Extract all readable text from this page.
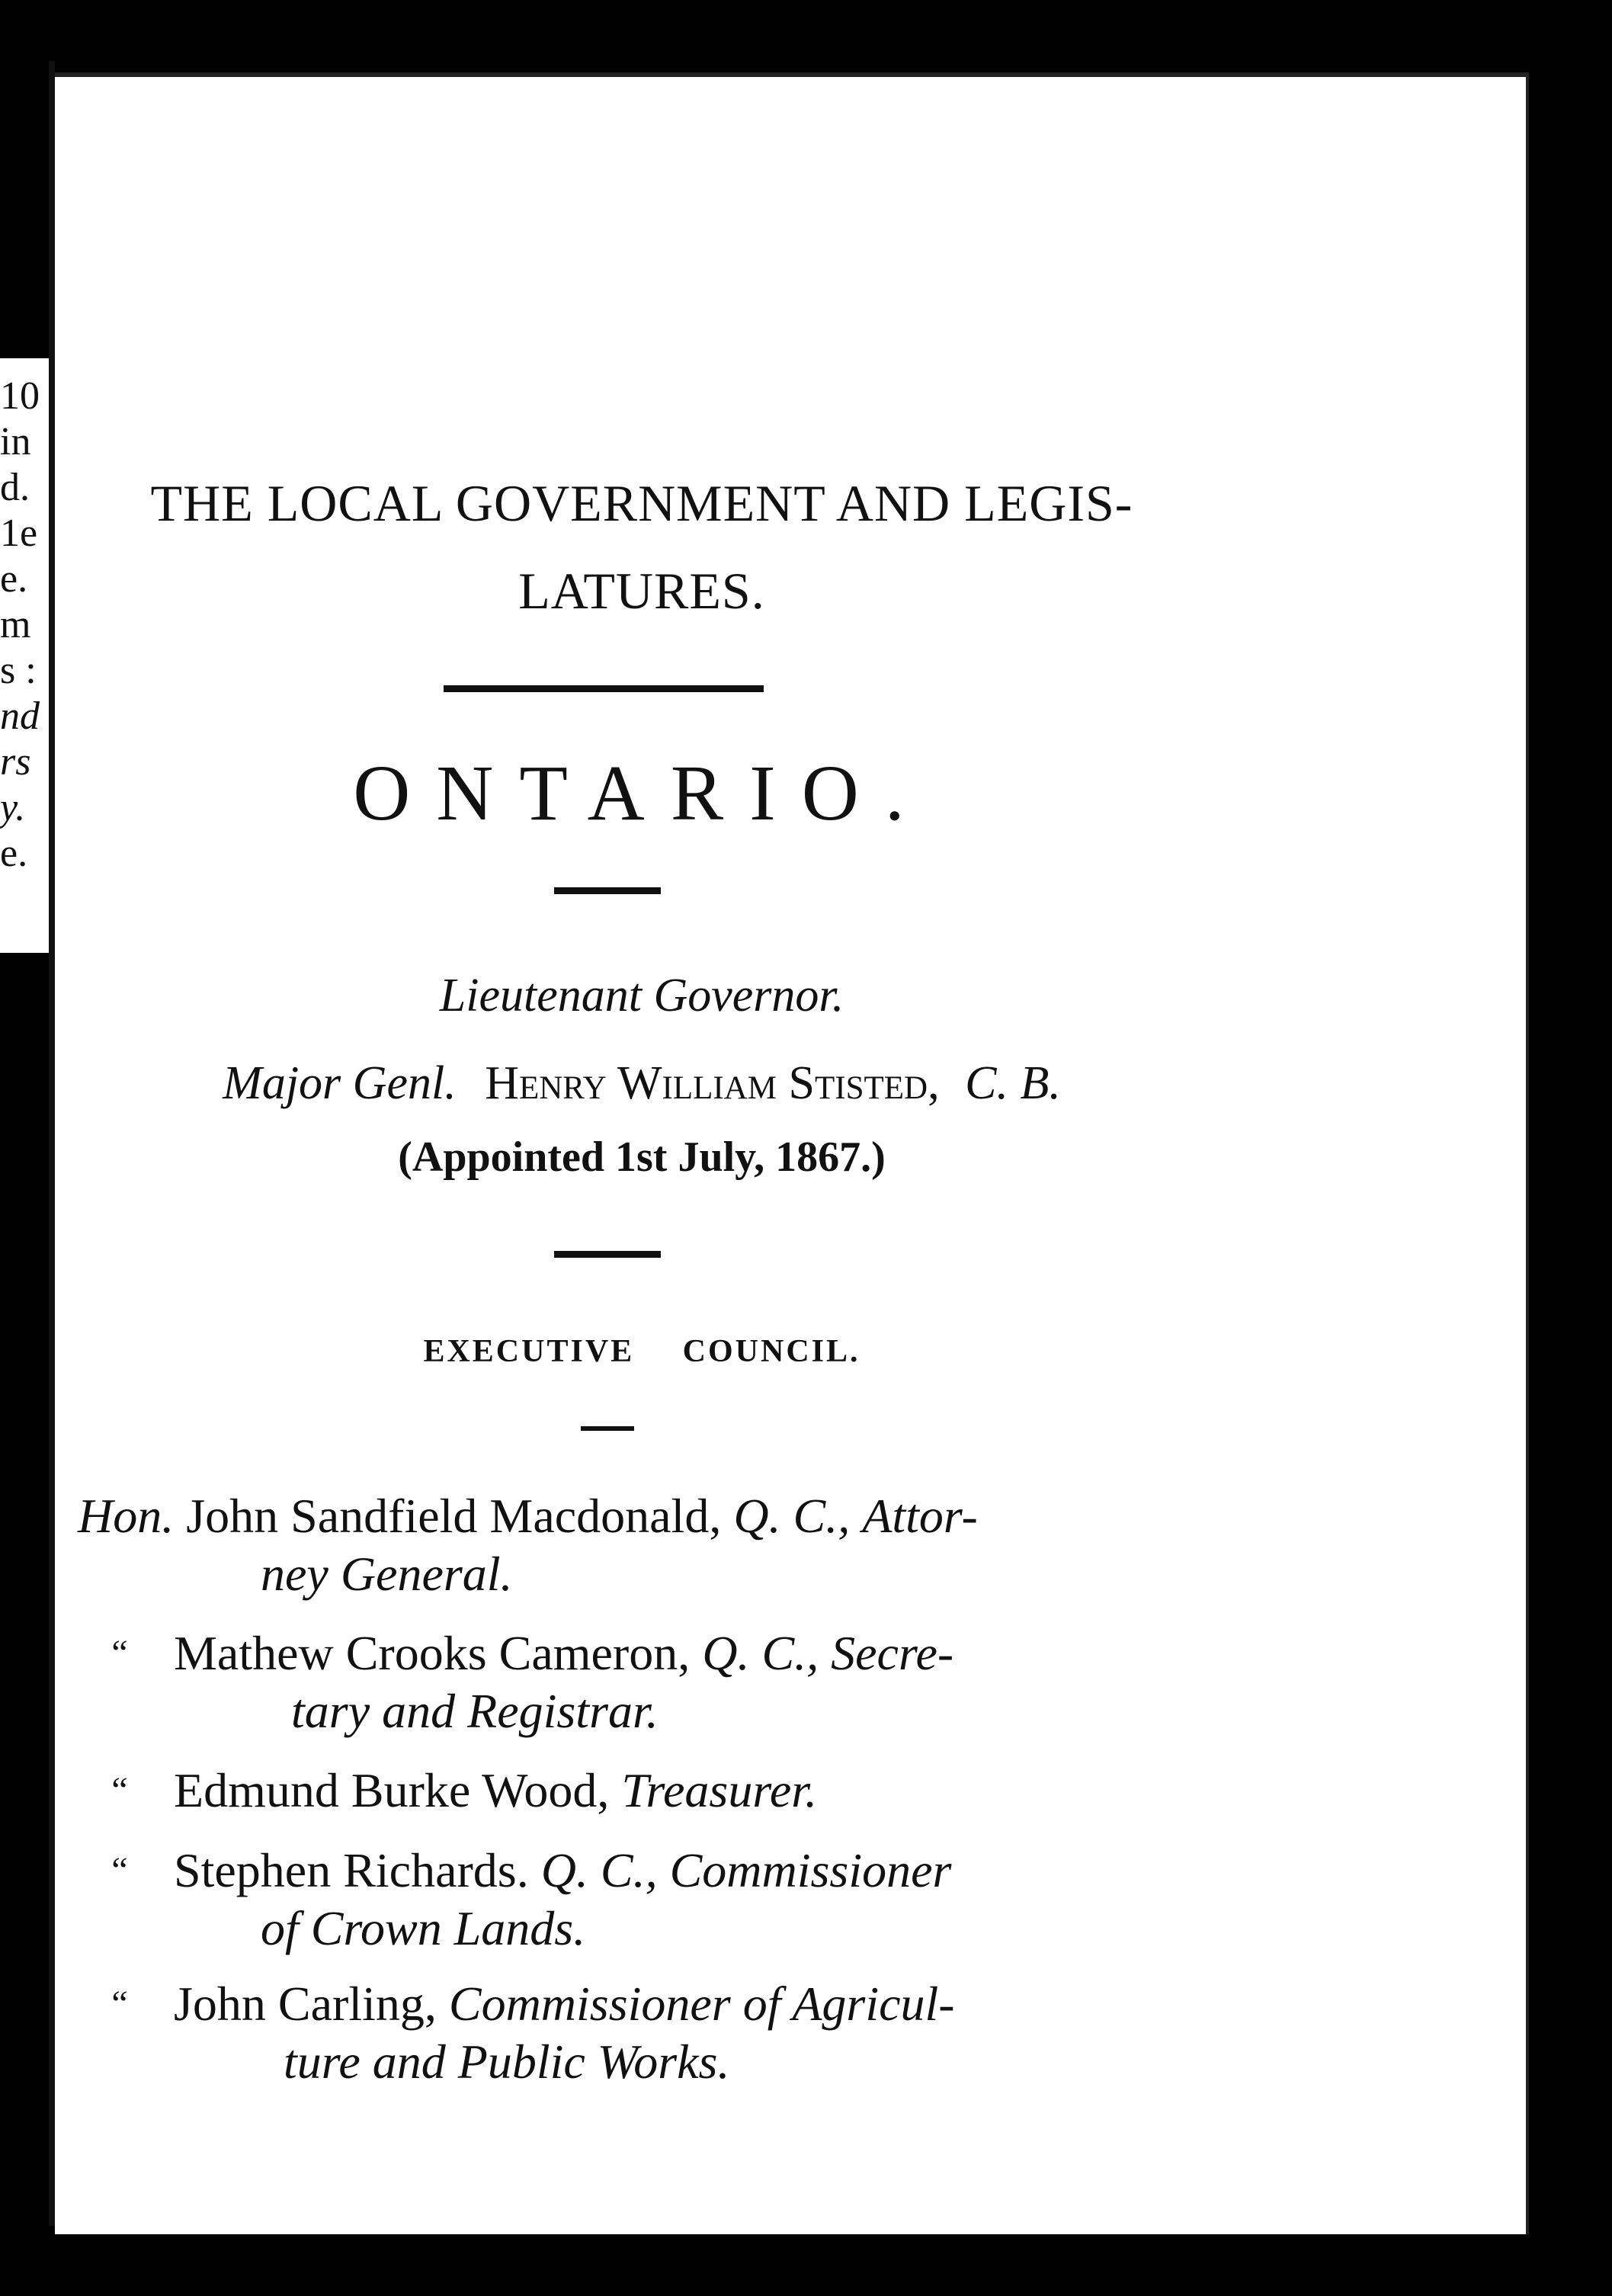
10
in
d.
1e
e.
m
s :
nd
rs
y.
e.
THE LOCAL GOVERNMENT AND LEGIS-
LATURES.
ONTARIO.
Lieutenant Governor.
Major Genl. Henry William Stisted, C. B.
(Appointed 1st July, 1867.)
EXECUTIVE COUNCIL.
Hon. John Sandfield Macdonald, Q. C., Attor-
ney General.
“ Mathew Crooks Cameron, Q. C., Secre-
tary and Registrar.
“ Edmund Burke Wood, Treasurer.
“ Stephen Richards. Q. C., Commissioner
of Crown Lands.
“ John Carling, Commissioner of Agricul-
ture and Public Works.
